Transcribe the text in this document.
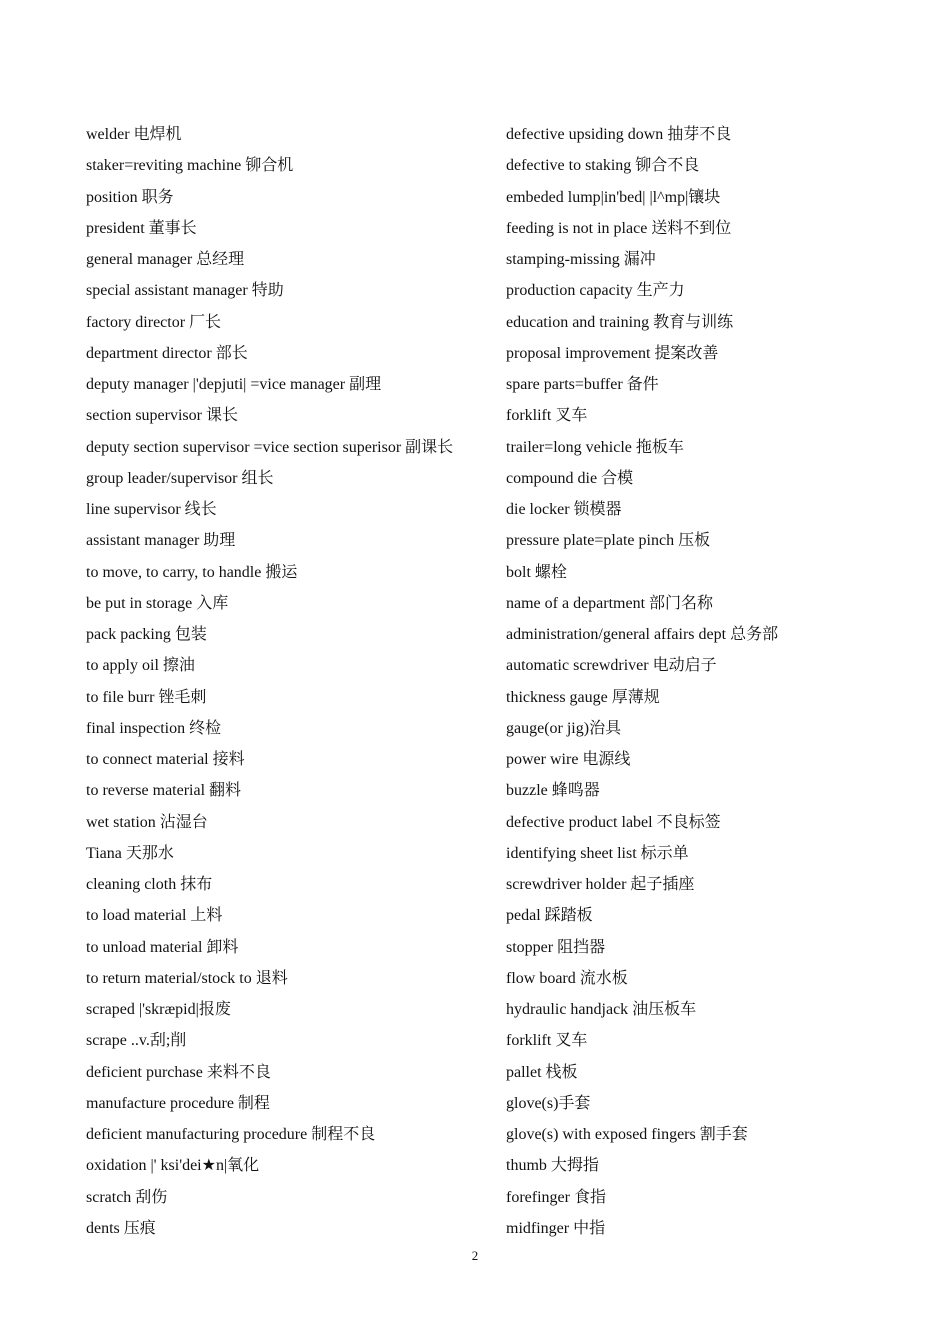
welder 电焊机
staker=reviting machine 铆合机
position 职务
president 董事长
general manager 总经理
special assistant manager 特助
factory director 厂长
department director 部长
deputy manager |'depjuti| =vice manager 副理
section supervisor 课长
deputy section supervisor =vice section superisor 副课长
group leader/supervisor 组长
line supervisor 线长
assistant manager 助理
to move, to carry, to handle 搬运
be put in storage 入库
pack packing 包装
to apply oil 擦油
to file burr 锉毛刺
final inspection 终检
to connect material 接料
to reverse material 翻料
wet station 沾湿台
Tiana 天那水
cleaning cloth 抹布
to load material 上料
to unload material 卸料
to return material/stock to 退料
scraped |'skræpid|报废
scrape ..v.刮;削
deficient purchase 来料不良
manufacture procedure 制程
deficient manufacturing procedure 制程不良
oxidation |' ksi'dei★n|氧化
scratch 刮伤
dents 压痕
defective upsiding down 抽芽不良
defective to staking 铆合不良
embeded lump|in'bed| |l^mp|镶块
feeding is not in place 送料不到位
stamping-missing 漏冲
production capacity 生产力
education and training 教育与训练
proposal improvement 提案改善
spare parts=buffer 备件
forklift 叉车
trailer=long vehicle 拖板车
compound die 合模
die locker 锁模器
pressure plate=plate pinch 压板
bolt 螺栓
name of a department 部门名称
administration/general affairs dept 总务部
automatic screwdriver 电动启子
thickness gauge 厚薄规
gauge(or jig)治具
power wire 电源线
buzzle 蜂鸣器
defective product label 不良标签
identifying sheet list 标示单
screwdriver holder 起子插座
pedal 踩踏板
stopper 阻挡器
flow board 流水板
hydraulic handjack 油压板车
forklift 叉车
pallet 栈板
glove(s)手套
glove(s) with exposed fingers 割手套
thumb 大拇指
forefinger 食指
midfinger 中指
2
